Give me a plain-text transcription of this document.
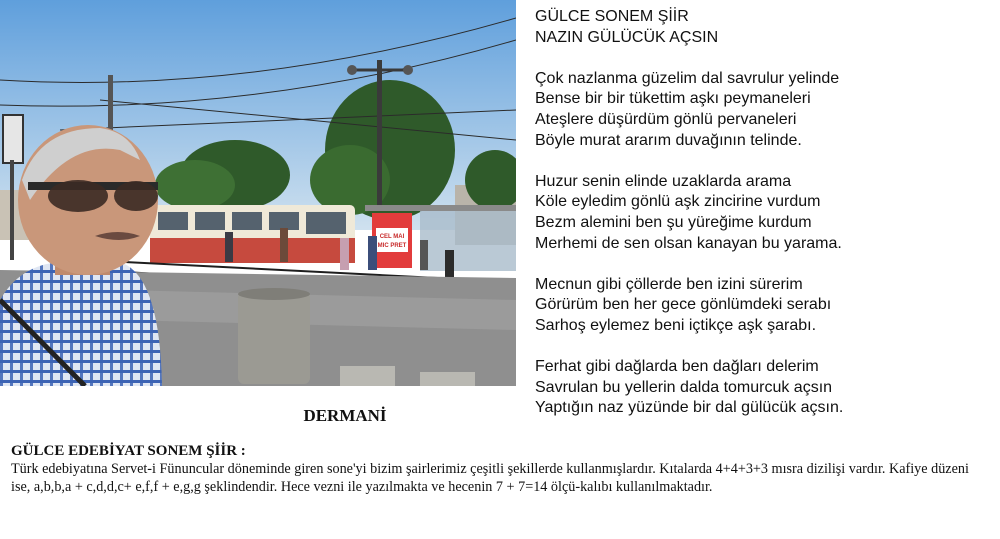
CEL MAI
MIC PRET
GÜLCE SONEM ŞİİR
NAZIN GÜLÜCÜK AÇSIN
Çok nazlanma güzelim dal savrulur yelinde
Bense bir bir tükettim aşkı peymaneleri
Ateşlere düşürdüm gönlü pervaneleri
Böyle murat ararım duvağının telinde.
Huzur senin elinde uzaklarda arama
Köle eyledim gönlü aşk zincirine vurdum
Bezm alemini ben şu yüreğime kurdum
Merhemi de sen olsan kanayan bu yarama.
Mecnun gibi çöllerde ben izini sürerim
Görürüm ben her gece gönlümdeki serabı
Sarhoş eylemez beni içtikçe aşk şarabı.
Ferhat gibi dağlarda ben dağları delerim
Savrulan bu yellerin dalda tomurcuk açsın
Yaptığın naz yüzünde bir dal gülücük açsın.
DERMANİ
GÜLCE EDEBİYAT SONEM ŞİİR :
Türk edebiyatına Servet-i Fünuncular döneminde giren sone'yi bizim şairlerimiz çeşitli şekillerde kullanmışlardır. Kıtalarda 4+4+3+3 mısra dizilişi vardır. Kafiye düzeni ise, a,b,b,a + c,d,d,c+ e,f,f + e,g,g şeklindendir. Hece vezni ile yazılmakta ve hecenin 7 + 7=14 ölçü-kalıbı kullanılmaktadır.
